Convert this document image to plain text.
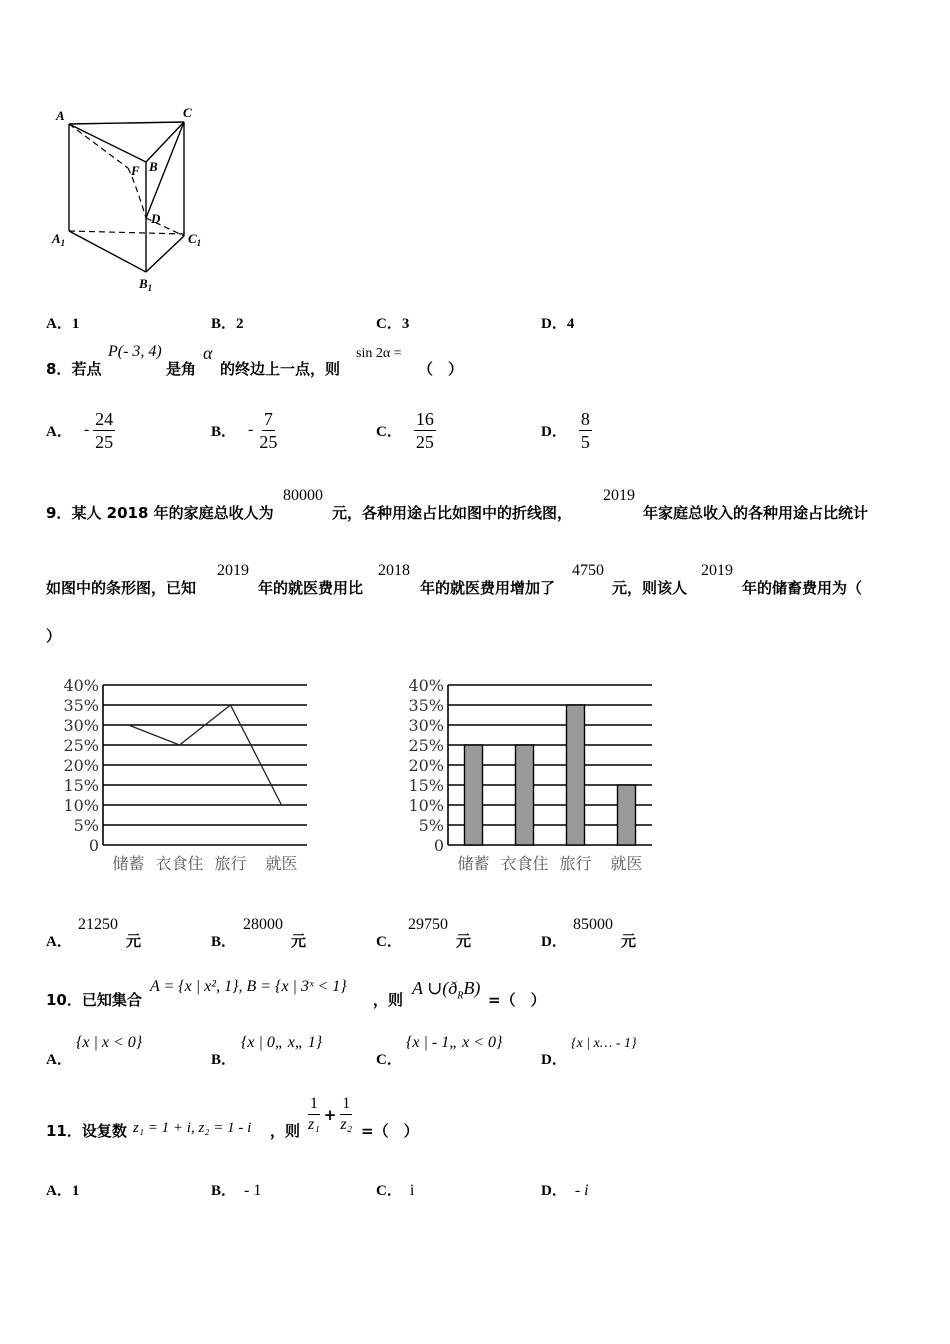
A	C
B
F
D
$A_1$	$C_1$
$B_1$
A．1	B．2	C．3	D．4
8．若点
P(- 3, 4)
是角
α
的终边上一点，则
sin 2α =
（　）
A． - $\frac{24}{25}$	B． - $\frac{7}{25}$	C． $\frac{16}{25}$	D． $\frac{8}{5}$
9．某人 2018 年的家庭总收人为
80000
元，各种用途占比如图中的折线图，
2019
年家庭总收入的各种用途占比统计
如图中的条形图，已知
2019
年的就医费用比
2018
年的就医费用增加了
4750
元，则该人
2019
年的储畜费用为（
）
40%
35%
30%
25%
20%
15%
10%
5%
0
储蓄 衣食住 旅行 就医
40%
35%
30%
25%
20%
15%
10%
5%
0
储蓄 衣食住 旅行 就医
A．
21250
元	B．
28000
元	C．
29750
元	D．
85000
元
10．已知集合
A = {x | x², 1}, B = {x | 3ˣ < 1}
，则
A $\cup(ð_RB)$
=（　）
A．
{x | x < 0}
B．
{x | 0„ x„ 1}
C．
{x | - 1„ x < 0}
D．
{x | x… - 1}
11．设复数 z₁ = 1 + i, z₂ = 1 - i ，则 $\frac{1}{\text{z₁}} + \frac{1}{\text{z₂}}$ =（　）
A．1	B． - 1	C． i	D． - i
